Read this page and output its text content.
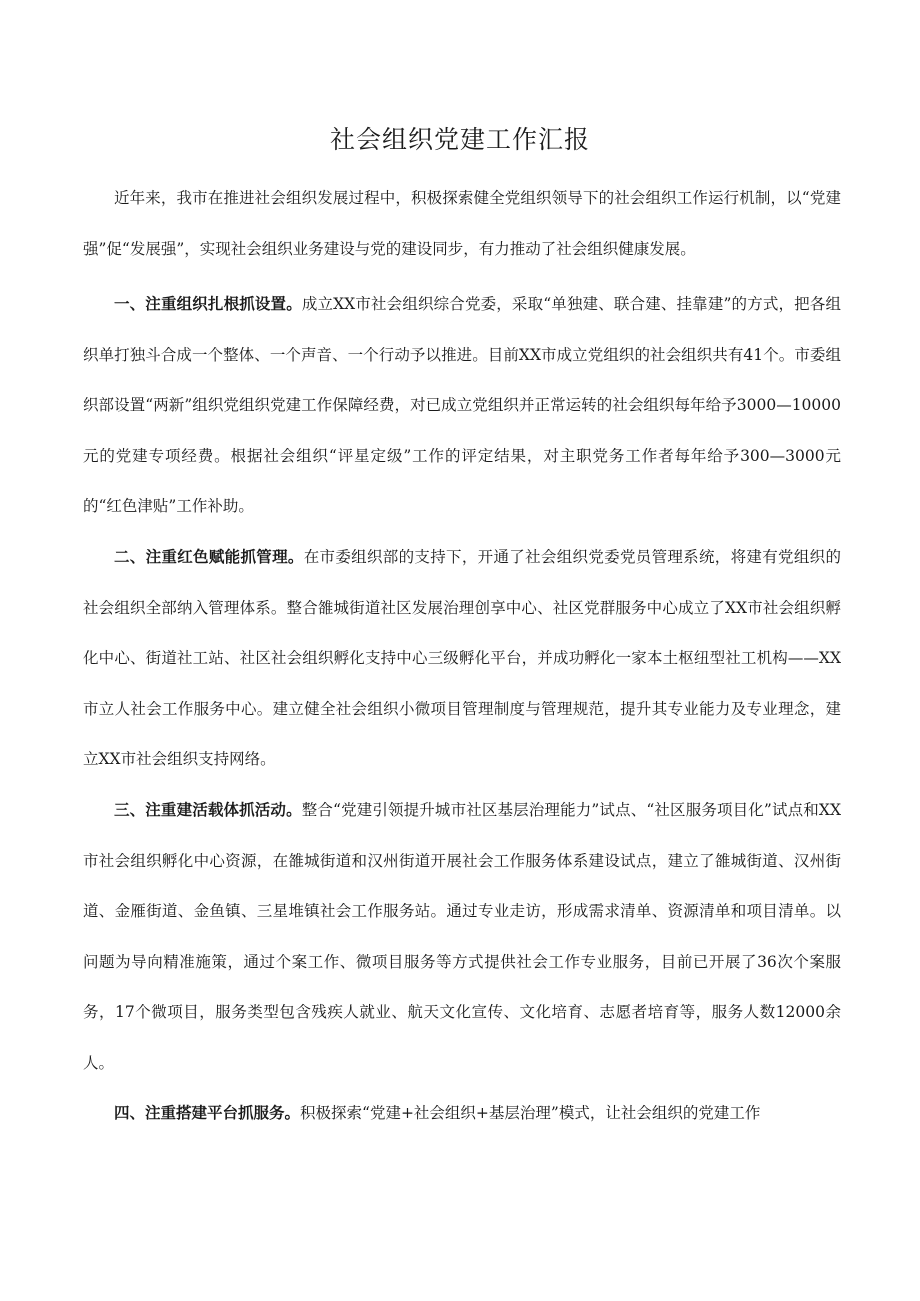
社会组织党建工作汇报

近年来，我市在推进社会组织发展过程中，积极探索健全党组织领导下的社会组织工作运行机制，以“党建强”促“发展强”，实现社会组织业务建设与党的建设同步，有力推动了社会组织健康发展。

一、注重组织扎根抓设置。成立XX市社会组织综合党委，采取“单独建、联合建、挂靠建”的方式，把各组织单打独斗合成一个整体、一个声音、一个行动予以推进。目前XX市成立党组织的社会组织共有41个。市委组织部设置“两新”组织党组织党建工作保障经费，对已成立党组织并正常运转的社会组织每年给予3000—10000元的党建专项经费。根据社会组织“评星定级”工作的评定结果，对主职党务工作者每年给予300—3000元的“红色津贴”工作补助。

二、注重红色赋能抓管理。在市委组织部的支持下，开通了社会组织党委党员管理系统，将建有党组织的社会组织全部纳入管理体系。整合雒城街道社区发展治理创享中心、社区党群服务中心成立了XX市社会组织孵化中心、街道社工站、社区社会组织孵化支持中心三级孵化平台，并成功孵化一家本土枢纽型社工机构——XX市立人社会工作服务中心。建立健全社会组织小微项目管理制度与管理规范，提升其专业能力及专业理念，建立XX市社会组织支持网络。

三、注重建活载体抓活动。整合“党建引领提升城市社区基层治理能力”试点、“社区服务项目化”试点和XX市社会组织孵化中心资源，在雒城街道和汉州街道开展社会工作服务体系建设试点，建立了雒城街道、汉州街道、金雁街道、金鱼镇、三星堆镇社会工作服务站。通过专业走访，形成需求清单、资源清单和项目清单。以问题为导向精准施策，通过个案工作、微项目服务等方式提供社会工作专业服务，目前已开展了36次个案服务，17个微项目，服务类型包含残疾人就业、航天文化宣传、文化培育、志愿者培育等，服务人数12000余人。

四、注重搭建平台抓服务。积极探索“党建+社会组织+基层治理”模式，让社会组织的党建工作
